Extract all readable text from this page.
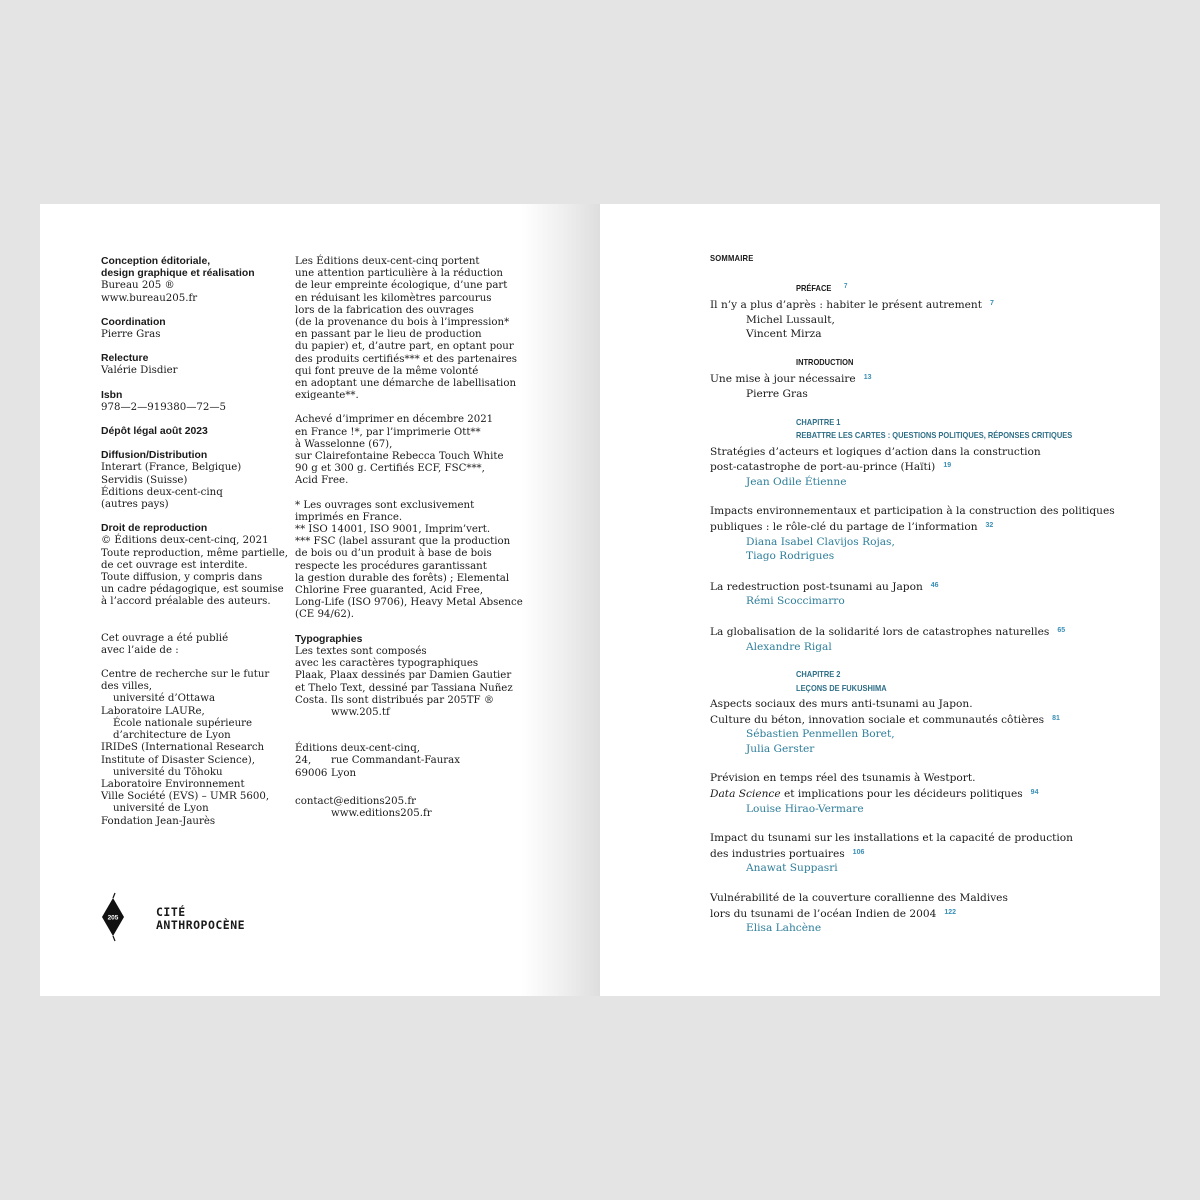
Conception éditoriale,
design graphique et réalisation
Bureau 205 ®
www.bureau205.fr
Coordination
Pierre Gras
Relecture
Valérie Disdier
Isbn
978—2—919380—72—5
Dépôt légal août 2023
Diffusion/Distribution
Interart (France, Belgique)
Servidis (Suisse)
Éditions deux-cent-cinq
(autres pays)
Droit de reproduction
© Éditions deux-cent-cinq, 2021
Toute reproduction, même partielle,
de cet ouvrage est interdite.
Toute diffusion, y compris dans
un cadre pédagogique, est soumise
à l’accord préalable des auteurs.
Cet ouvrage a été publié
avec l’aide de :
Centre de recherche sur le futur
des villes,
université d’Ottawa
Laboratoire LAURe,
École nationale supérieure
d’architecture de Lyon
IRIDeS (International Research
Institute of Disaster Science),
université du Tōhoku
Laboratoire Environnement
Ville Société (EVS) – UMR 5600,
université de Lyon
Fondation Jean-Jaurès
Les Éditions deux-cent-cinq portent
une attention particulière à la réduction
de leur empreinte écologique, d’une part
en réduisant les kilomètres parcourus
lors de la fabrication des ouvrages
(de la provenance du bois à l’impression*
en passant par le lieu de production
du papier) et, d’autre part, en optant pour
des produits certifiés*** et des partenaires
qui font preuve de la même volonté
en adoptant une démarche de labellisation
exigeante**.
Achevé d’imprimer en décembre 2021
en France !*, par l’imprimerie Ott**
à Wasselonne (67),
sur Clairefontaine Rebecca Touch White
90 g et 300 g. Certifiés ECF, FSC***,
Acid Free.
* Les ouvrages sont exclusivement
imprimés en France.
** ISO 14001, ISO 9001, Imprim’vert.
*** FSC (label assurant que la production
de bois ou d’un produit à base de bois
respecte les procédures garantissant
la gestion durable des forêts) ; Elemental
Chlorine Free guaranted, Acid Free,
Long-Life (ISO 9706), Heavy Metal Absence
(CE 94/62).
Typographies
Les textes sont composés
avec les caractères typographiques
Plaak, Plaax dessinés par Damien Gautier
et Thelo Text, dessiné par Tassiana Nuñez
Costa. Ils sont distribués par 205TF ®
www.205.tf
Éditions deux-cent-cinq,
24, rue Commandant-Faurax
69006 Lyon
contact@editions205.fr
www.editions205.fr
205	CITÉ
ANTHROPOCÈNE
SOMMAIRE
PRÉFACE 7
Il n’y a plus d’après : habiter le présent autrement $^7$
Michel Lussault,
Vincent Mirza
INTRODUCTION
Une mise à jour nécessaire $^{13}$
Pierre Gras
CHAPITRE 1
REBATTRE LES CARTES : QUESTIONS POLITIQUES, RÉPONSES CRITIQUES
Stratégies d’acteurs et logiques d’action dans la construction
post-catastrophe de port-au-prince (Haïti) $^{19}$
Jean Odile Étienne
Impacts environnementaux et participation à la construction des politiques
publiques : le rôle-clé du partage de l’information $^{32}$
Diana Isabel Clavijos Rojas,
Tiago Rodrigues
La redestruction post-tsunami au Japon $^{46}$
Rémi Scoccimarro
La globalisation de la solidarité lors de catastrophes naturelles $^{65}$
Alexandre Rigal
CHAPITRE 2
LEÇONS DE FUKUSHIMA
Aspects sociaux des murs anti-tsunami au Japon.
Culture du béton, innovation sociale et communautés côtières $^{81}$
Sébastien Penmellen Boret,
Julia Gerster
Prévision en temps réel des tsunamis à Westport.
Data Science et implications pour les décideurs politiques $^{94}$
Louise Hirao-Vermare
Impact du tsunami sur les installations et la capacité de production
des industries portuaires $^{106}$
Anawat Suppasri
Vulnérabilité de la couverture corallienne des Maldives
lors du tsunami de l’océan Indien de 2004 $^{122}$
Elisa Lahcène
